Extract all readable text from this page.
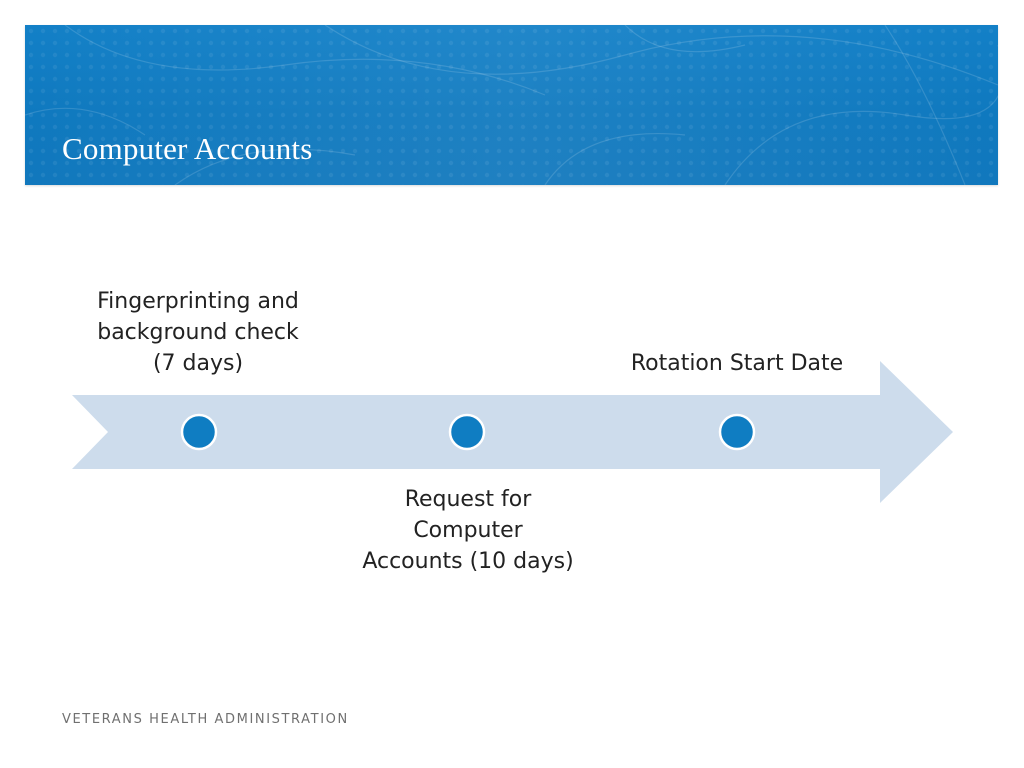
Computer Accounts
Fingerprinting and
background check
(7 days)
Request for
Computer
Accounts (10 days)
Rotation Start Date
VETERANS HEALTH ADMINISTRATION
